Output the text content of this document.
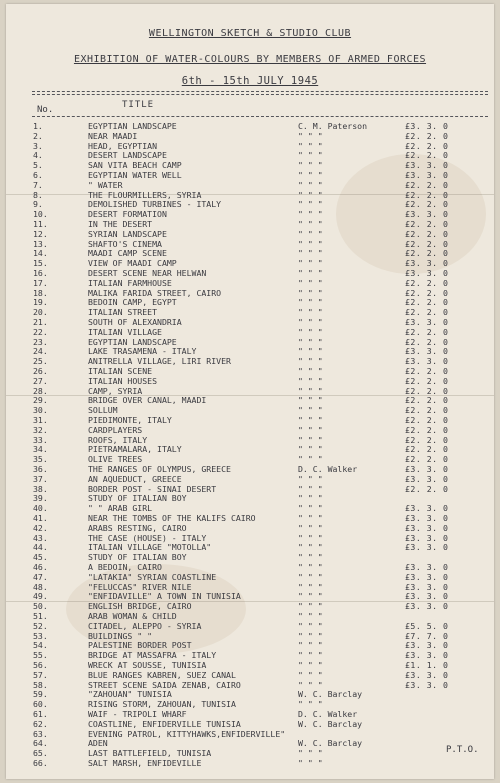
WELLINGTON SKETCH & STUDIO CLUB
EXHIBITION OF WATER-COLOURS BY MEMBERS OF ARMED FORCES
6th - 15th JULY 1945
No.	TITLE
1.	EGYPTIAN LANDSCAPE	C. M. Paterson	£3. 3. 0
2.	NEAR MAADI	" " "	£2. 2. 0
3.	HEAD, EGYPTIAN	" " "	£2. 2. 0
4.	DESERT LANDSCAPE	" " "	£2. 2. 0
5.	SAN VITA BEACH CAMP	" " "	£3. 3. 0
6.	EGYPTIAN WATER WELL	" " "	£3. 3. 0
7.	" WATER	" " "	£2. 2. 0
8.	THE FLOURMILLERS, SYRIA	" " "	£2. 2. 0
9.	DEMOLISHED TURBINES - ITALY	" " "	£2. 2. 0
10.	DESERT FORMATION	" " "	£3. 3. 0
11.	IN THE DESERT	" " "	£2. 2. 0
12.	SYRIAN LANDSCAPE	" " "	£2. 2. 0
13.	SHAFTO'S CINEMA	" " "	£2. 2. 0
14.	MAADI CAMP SCENE	" " "	£2. 2. 0
15.	VIEW OF MAADI CAMP	" " "	£3. 3. 0
16.	DESERT SCENE NEAR HELWAN	" " "	£3. 3. 0
17.	ITALIAN FARMHOUSE	" " "	£2. 2. 0
18.	MALIKA FARIDA STREET, CAIRO	" " "	£2. 2. 0
19.	BEDOIN CAMP, EGYPT	" " "	£2. 2. 0
20.	ITALIAN STREET	" " "	£2. 2. 0
21.	SOUTH OF ALEXANDRIA	" " "	£3. 3. 0
22.	ITALIAN VILLAGE	" " "	£2. 2. 0
23.	EGYPTIAN LANDSCAPE	" " "	£2. 2. 0
24.	LAKE TRASAMENA - ITALY	" " "	£3. 3. 0
25.	ANITRELLA VILLAGE, LIRI RIVER	" " "	£3. 3. 0
26.	ITALIAN SCENE	" " "	£2. 2. 0
27.	ITALIAN HOUSES	" " "	£2. 2. 0
28.	CAMP, SYRIA	" " "	£2. 2. 0
29.	BRIDGE OVER CANAL, MAADI	" " "	£2. 2. 0
30.	SOLLUM	" " "	£2. 2. 0
31.	PIEDIMONTE, ITALY	" " "	£2. 2. 0
32.	CARDPLAYERS	" " "	£2. 2. 0
33.	ROOFS, ITALY	" " "	£2. 2. 0
34.	PIETRAMALARA, ITALY	" " "	£2. 2. 0
35.	OLIVE TREES	" " "	£2. 2. 0
36.	THE RANGES OF OLYMPUS, GREECE	D. C. Walker	£3. 3. 0
37.	AN AQUEDUCT, GREECE	" " "	£3. 3. 0
38.	BORDER POST - SINAI DESERT	" " "	£2. 2. 0
39.	STUDY OF ITALIAN BOY	" " "
40.	" " ARAB GIRL	" " "	£3. 3. 0
41.	NEAR THE TOMBS OF THE KALIFS CAIRO	" " "	£3. 3. 0
42.	ARABS RESTING, CAIRO	" " "	£3. 3. 0
43.	THE CASE (HOUSE) - ITALY	" " "	£3. 3. 0
44.	ITALIAN VILLAGE "MOTOLLA"	" " "	£3. 3. 0
45.	STUDY OF ITALIAN BOY	" " "
46.	A BEDOIN, CAIRO	" " "	£3. 3. 0
47.	"LATAKIA" SYRIAN COASTLINE	" " "	£3. 3. 0
48.	"FELUCCAS" RIVER NILE	" " "	£3. 3. 0
49.	"ENFIDAVILLE" A TOWN IN TUNISIA	" " "	£3. 3. 0
50.	ENGLISH BRIDGE, CAIRO	" " "	£3. 3. 0
51.	ARAB WOMAN & CHILD	" " "
52.	CITADEL, ALEPPO - SYRIA	" " "	£5. 5. 0
53.	BUILDINGS " "	" " "	£7. 7. 0
54.	PALESTINE BORDER POST	" " "	£3. 3. 0
55.	BRIDGE AT MASSAFRA - ITALY	" " "	£3. 3. 0
56.	WRECK AT SOUSSE, TUNISIA	" " "	£1. 1. 0
57.	BLUE RANGES KABREN, SUEZ CANAL	" " "	£3. 3. 0
58.	STREET SCENE SAIDA ZENAB, CAIRO	" " "	£3. 3. 0
59.	"ZAHOUAN" TUNISIA	W. C. Barclay
60.	RISING STORM, ZAHOUAN, TUNISIA	" " "
61.	WAIF - TRIPOLI WHARF	D. C. Walker
62.	COASTLINE, ENFIDERVILLE TUNISIA	W. C. Barclay
63.	EVENING PATROL, KITTYHAWKS,ENFIDERVILLE"
64.	ADEN	W. C. Barclay
65.	LAST BATTLEFIELD, TUNISIA	" " "
66.	SALT MARSH, ENFIDEVILLE	" " "
P.T.O.
